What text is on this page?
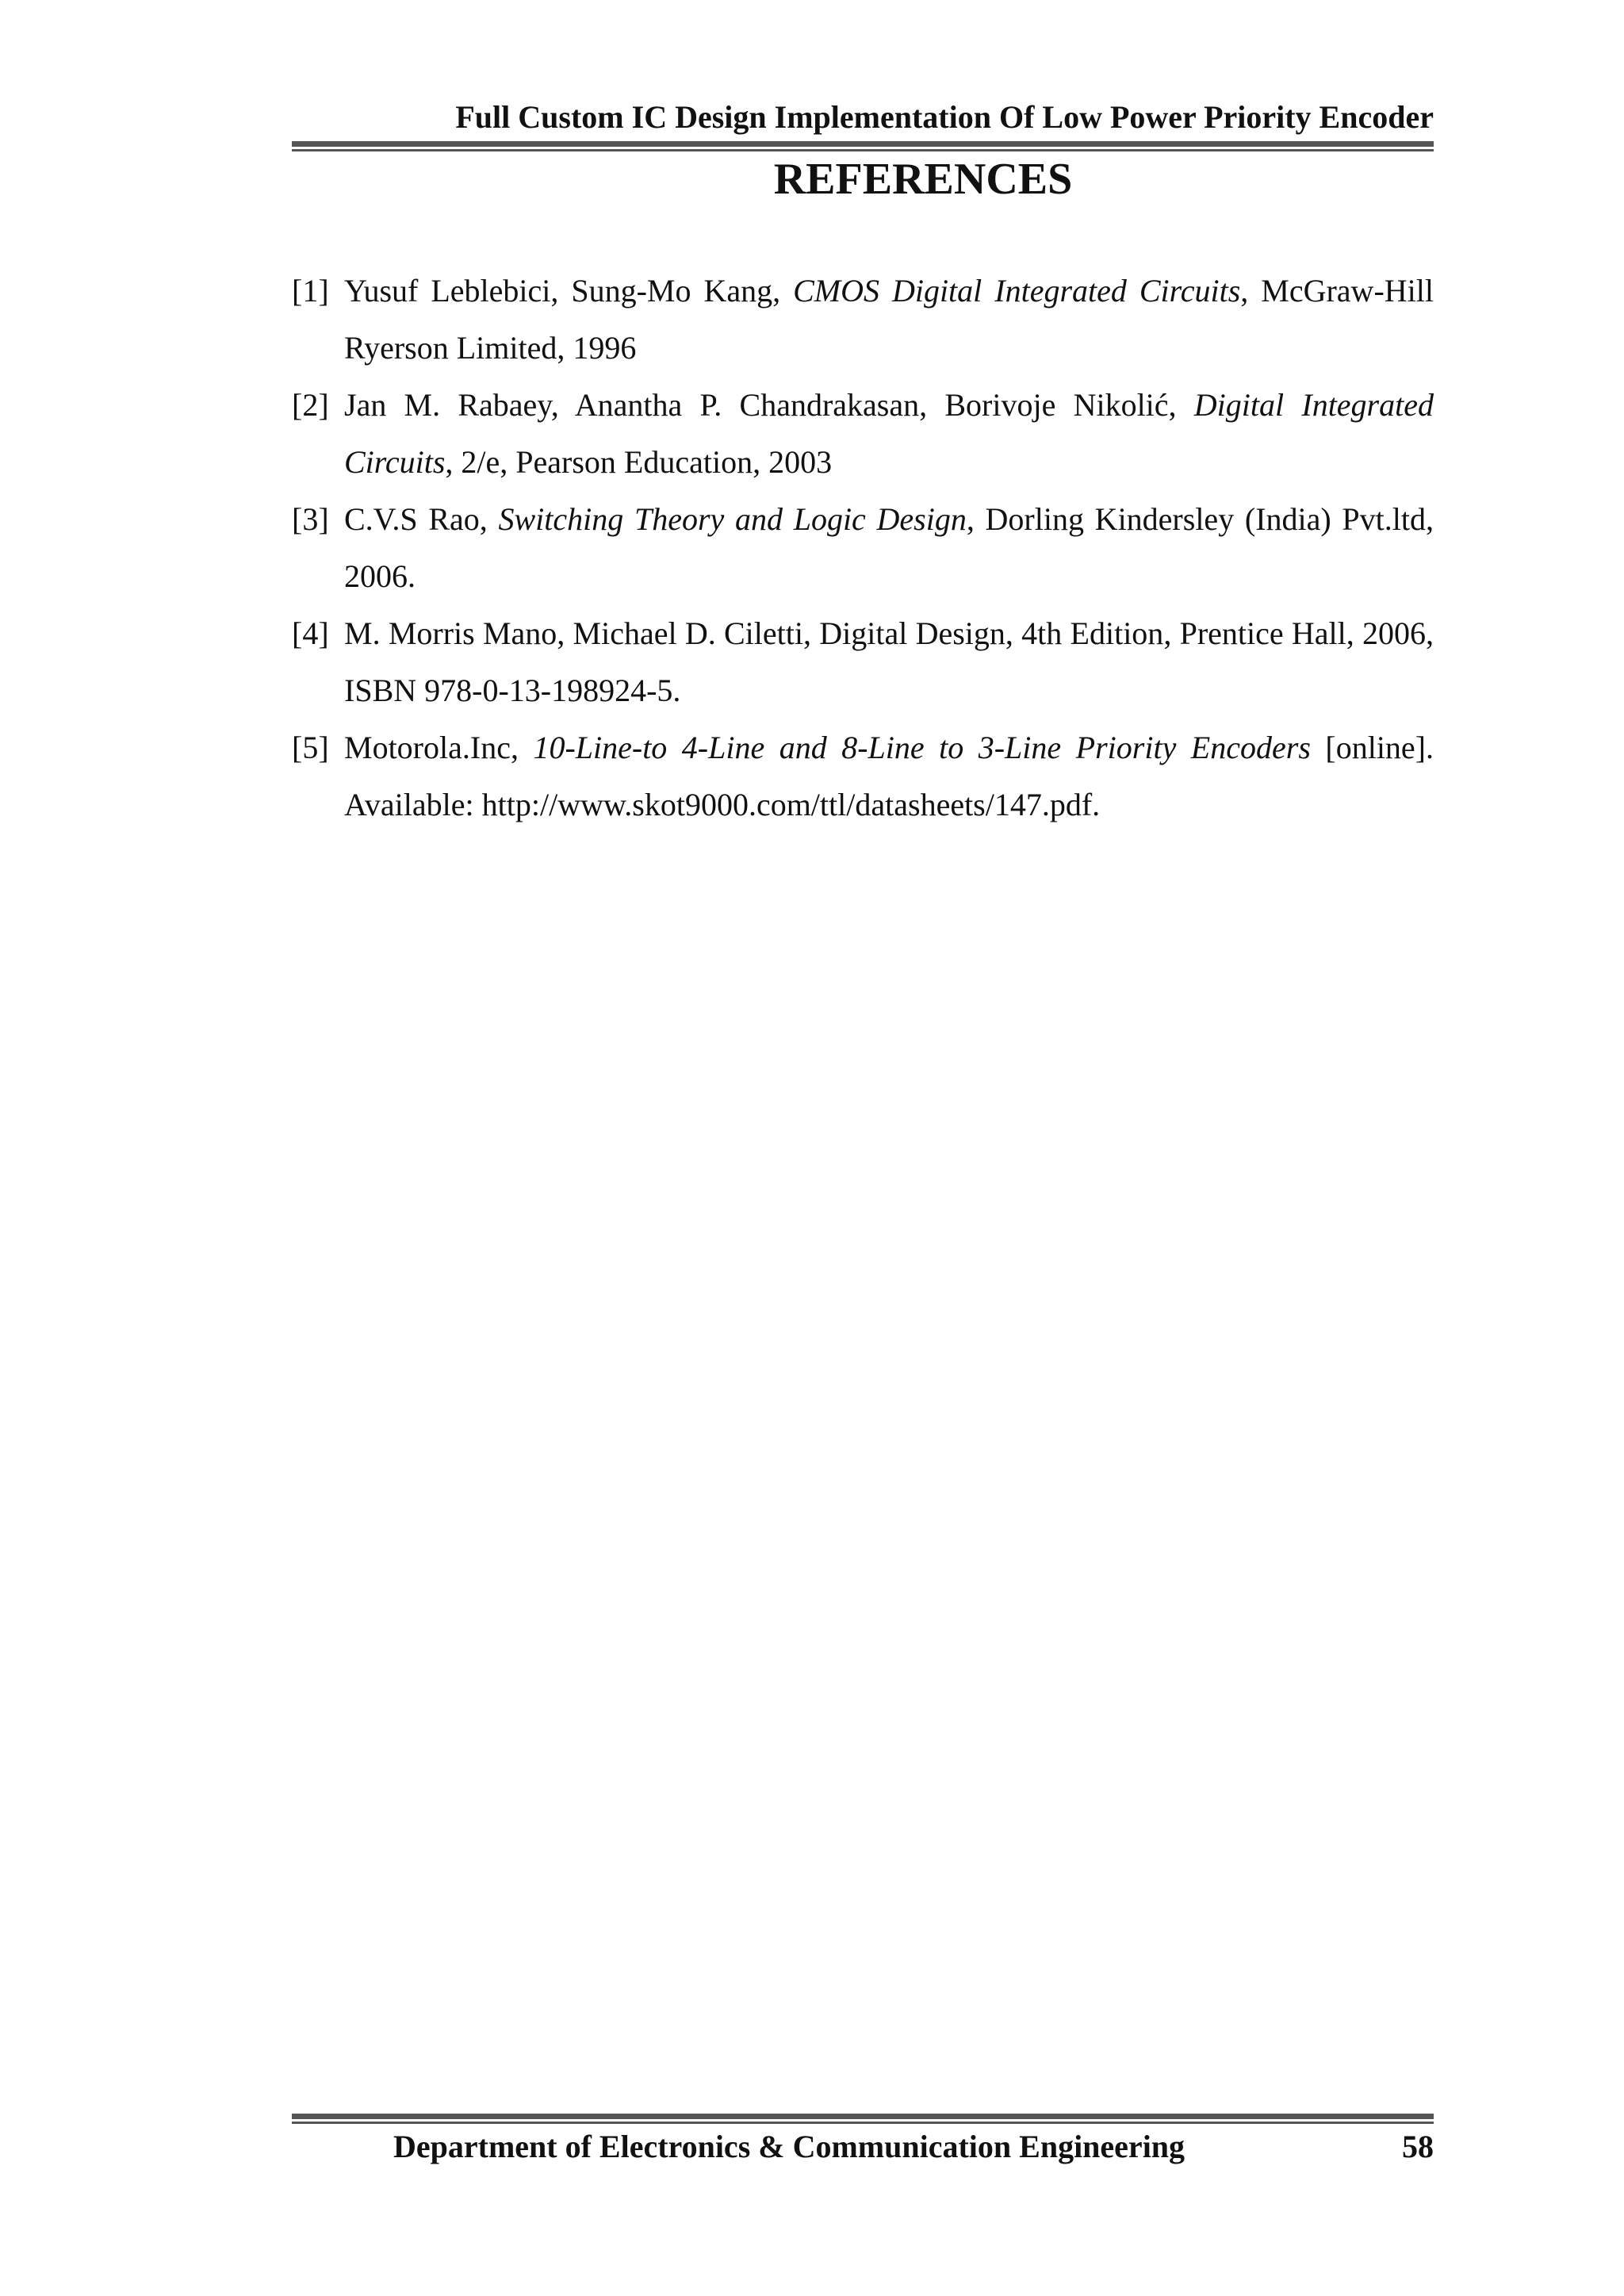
Full Custom IC Design Implementation Of Low Power Priority Encoder
REFERENCES
[1] Yusuf Leblebici, Sung-Mo Kang, CMOS Digital Integrated Circuits, McGraw-Hill Ryerson Limited, 1996
[2] Jan M. Rabaey, Anantha P. Chandrakasan, Borivoje Nikolić, Digital Integrated Circuits, 2/e, Pearson Education, 2003
[3] C.V.S Rao, Switching Theory and Logic Design, Dorling Kindersley (India) Pvt.ltd, 2006.
[4] M. Morris Mano, Michael D. Ciletti, Digital Design, 4th Edition, Prentice Hall, 2006, ISBN 978-0-13-198924-5.
[5] Motorola.Inc, 10-Line-to 4-Line and 8-Line to 3-Line Priority Encoders [online]. Available: http://www.skot9000.com/ttl/datasheets/147.pdf.
Department of Electronics & Communication Engineering	58
